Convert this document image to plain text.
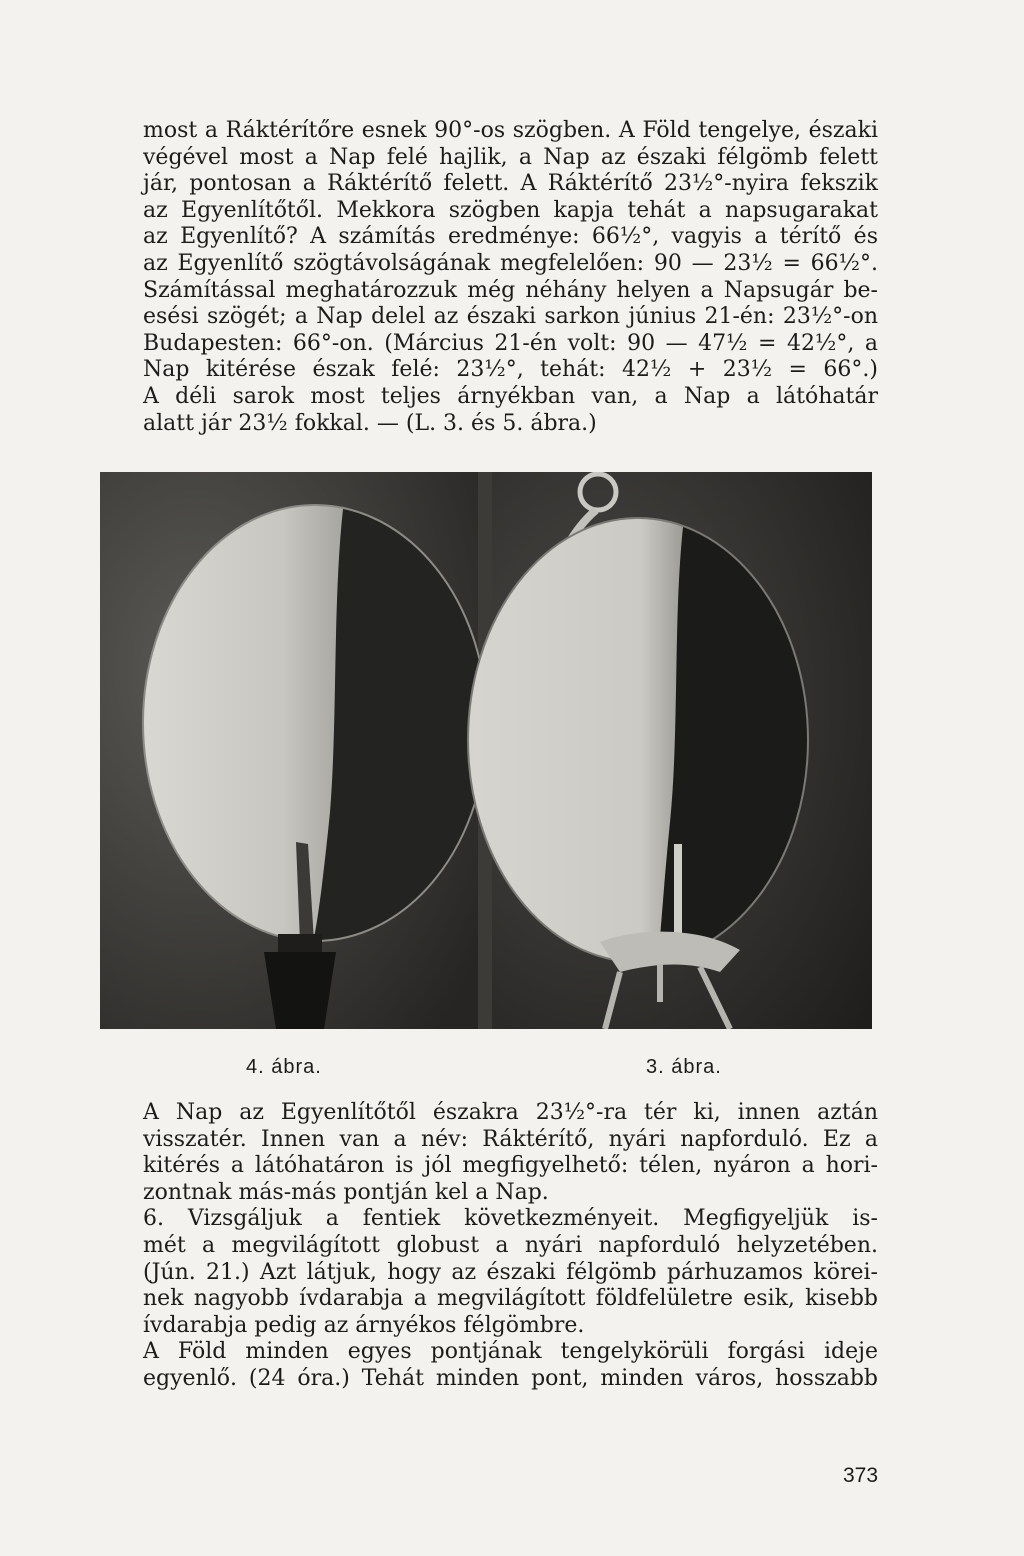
most a Ráktérítőre esnek 90°-os szögben. A Föld tengelye, északi
végével most a Nap felé hajlik, a Nap az északi félgömb felett
jár, pontosan a Ráktérítő felett. A Ráktérítő 23½°-nyira fekszik
az Egyenlítőtől. Mekkora szögben kapja tehát a napsugarakat
az Egyenlítő? A számítás eredménye: 66½°, vagyis a térítő és
az Egyenlítő szögtávolságának megfelelően: 90 — 23½ = 66½°.
Számítással meghatározzuk még néhány helyen a Napsugár be-
esési szögét; a Nap delel az északi sarkon június 21-én: 23½°-on
Budapesten: 66°-on. (Március 21-én volt: 90 — 47½ = 42½°, a
Nap kitérése észak felé: 23½°, tehát: 42½ + 23½ = 66°.)
A déli sarok most teljes árnyékban van, a Nap a látóhatár
alatt jár 23½ fokkal. — (L. 3. és 5. ábra.)
4. ábra.	3. ábra.
A Nap az Egyenlítőtől északra 23½°-ra tér ki, innen aztán
visszatér. Innen van a név: Ráktérítő, nyári napforduló. Ez a
kitérés a látóhatáron is jól megfigyelhető: télen, nyáron a hori-
zontnak más-más pontján kel a Nap.
6. Vizsgáljuk a fentiek következményeit. Megfigyeljük is-
mét a megvilágított globust a nyári napforduló helyzetében.
(Jún. 21.) Azt látjuk, hogy az északi félgömb párhuzamos körei-
nek nagyobb ívdarabja a megvilágított földfelületre esik, kisebb
ívdarabja pedig az árnyékos félgömbre.
A Föld minden egyes pontjának tengelykörüli forgási ideje
egyenlő. (24 óra.) Tehát minden pont, minden város, hosszabb
373
